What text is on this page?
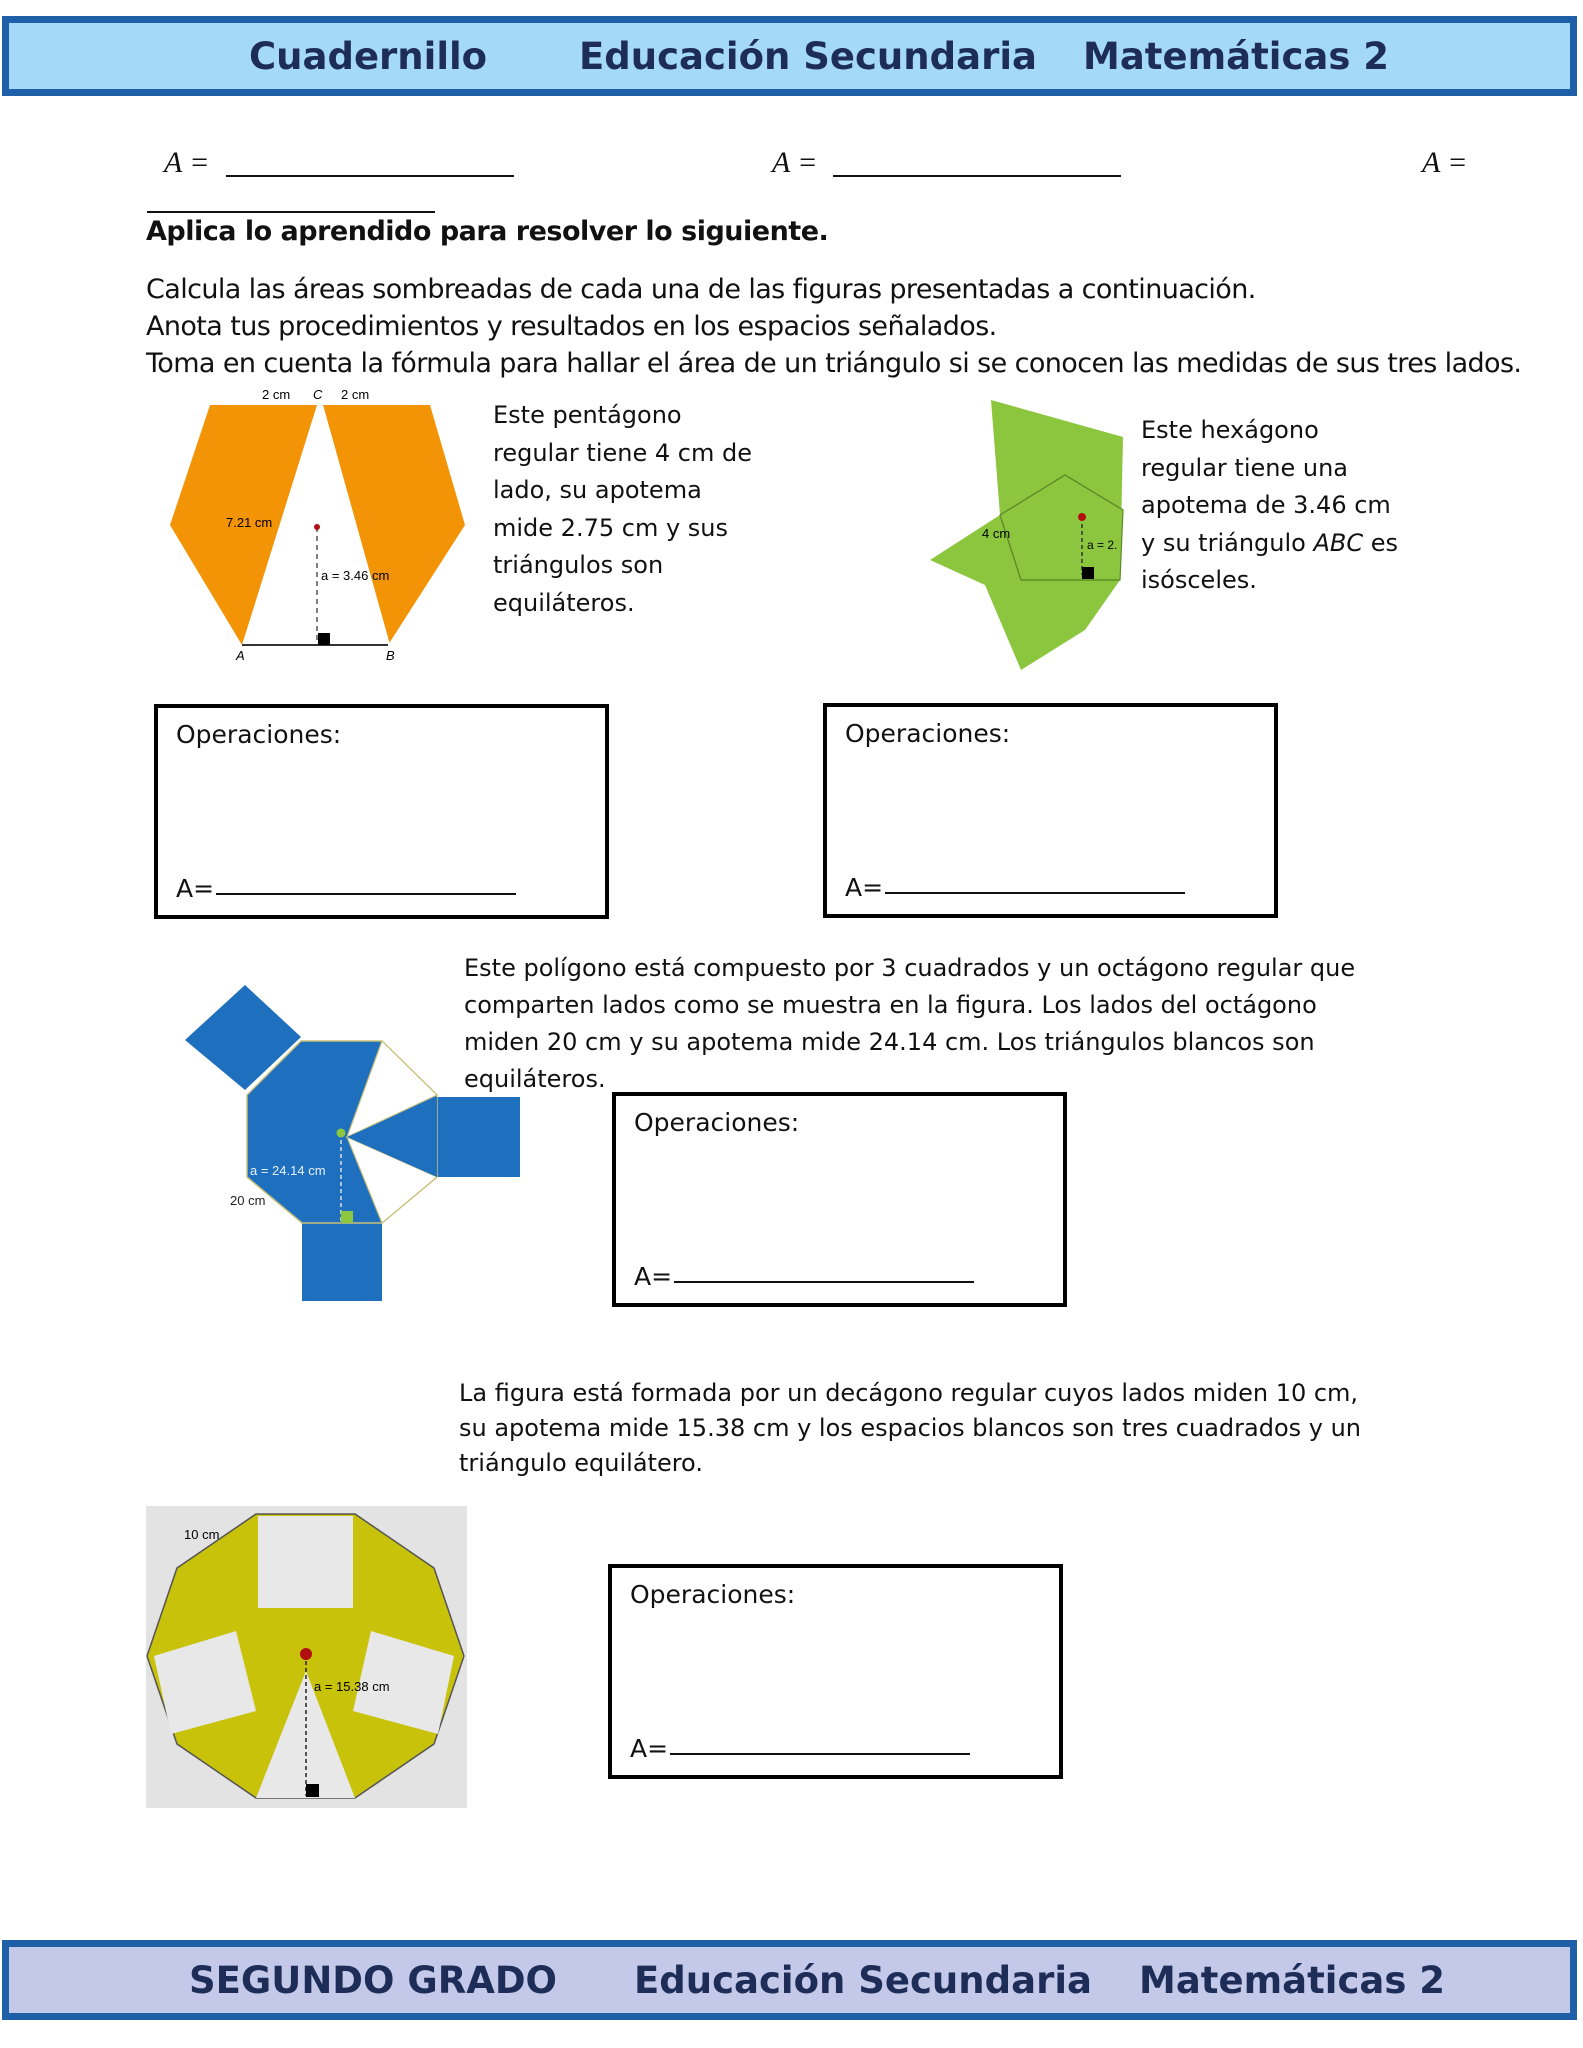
Cuadernillo Educación Secundaria Matemáticas 2
A =	A =	A =
Aplica lo aprendido para resolver lo siguiente.
Calcula las áreas sombreadas de cada una de las figuras presentadas a continuación.
Anota tus procedimientos y resultados en los espacios señalados.
Toma en cuenta la fórmula para hallar el área de un triángulo si se conocen las medidas de sus tres lados.
2 cm C 2 cm
7.21 cm
a = 3.46 cm
A	B
Este pentágono regular tiene 4 cm de lado, su apotema mide 2.75 cm y sus triángulos son equiláteros.
4 cm
a = 2.
Este hexágono regular tiene una apotema de 3.46 cm y su triángulo ABC es isósceles.
Operaciones:
A=
Operaciones:
A=
a = 24.14 cm
20 cm
Este polígono está compuesto por 3 cuadrados y un octágono regular que comparten lados como se muestra en la figura. Los lados del octágono miden 20 cm y su apotema mide 24.14 cm. Los triángulos blancos son equiláteros.
Operaciones:
A=
La figura está formada por un decágono regular cuyos lados miden 10 cm, su apotema mide 15.38 cm y los espacios blancos son tres cuadrados y un triángulo equilátero.
10 cm
a = 15.38 cm
Operaciones:
A=
SEGUNDO GRADO Educación Secundaria Matemáticas 2
